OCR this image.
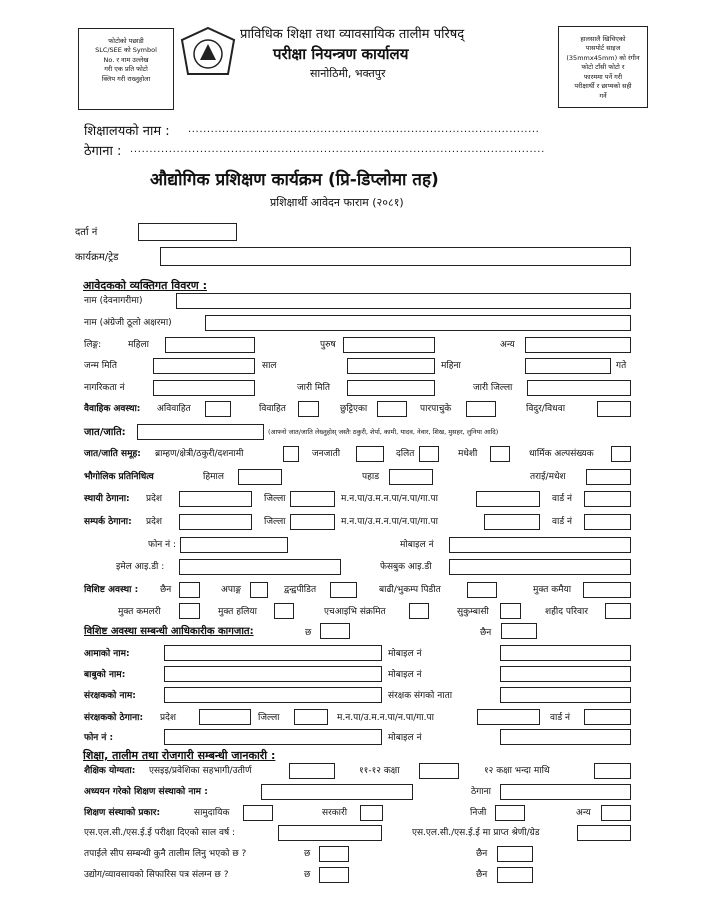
फोटोको पछाडी
SLC/SEE को Symbol
No. र नाम उल्लेख
गरी एक प्रति फोटो
क्लिप गरी राख्नुहोला
हालसालै खिचिएको
पासपोर्ट साइज
(35mmx45mm) को रंगीन
फोटो टाँसी फोटो र
फारममा पर्ने गरी
परीक्षार्थी र छाप्यको सही
गर्ने
प्राविधिक शिक्षा तथा व्यावसायिक तालीम परिषद्
परीक्षा नियन्त्रण कार्यालय
सानोठिमी, भक्तपुर
शिक्षालयको नाम : .............................................................................................
ठेगाना : ...........................................................................................................
औद्योगिक प्रशिक्षण कार्यक्रम (प्रि-डिप्लोमा तह)
प्रशिक्षार्थी आवेदन फाराम (२०८१)
दर्ता नं
कार्यक्रम/ट्रेड
आवेदकको व्यक्तिगत विवरण :
नाम (देवनागरीमा)
नाम (अंग्रेजी ठूलो अक्षरमा)
लिङ्ग:	महिला	पुरुष	अन्य
जन्म मिति	साल	महिना	गते
नागरिकता नं	जारी मिति	जारी जिल्ला
वैवाहिक अवस्था: अविवाहित	विवाहित	छुट्टिएका	पारपाचुके	विदुर/विधवा
जात/जाति:	(आफ्नो जात/जाति लेख्नुहोस् जस्तैः ठकुरी, शेर्पा, कामी, यादव, नेवार, शिख, मुसहर, लुनिया आदि)
जात/जाति समूह: ब्राम्हण/क्षेत्री/ठकुरी/दशनामी	जनजाती	दलित	मधेशी	धार्मिक अल्पसंख्यक
भौगोलिक प्रतिनिधित्व	हिमाल	पहाड	तराई/मधेश
स्थायी ठेगाना: प्रदेश	जिल्ला	म.न.पा/उ.म.न.पा/न.पा/गा.पा	वार्ड नं
सम्पर्क ठेगाना: प्रदेश	जिल्ला	म.न.पा/उ.म.न.पा/न.पा/गा.पा	वार्ड नं
फोन नं :	मोबाइल नं
इमेल आइ.डी :	फेसबुक आइ.डी
विशिष्ट अवस्था : छैन	अपाङ्ग	द्वन्द्वपीडित	बाढी/भुकम्प पिडीत	मुक्त कमैया
मुक्त कमलरी	मुक्त हलिया	एचआइभि संक्रमित	सुकुम्बासी	शहीद परिवार
विशिष्ट अवस्था सम्बन्धी आधिकारीक कागजात:	छ	छैन
आमाको नाम:	मोबाइल नं
बाबुको नाम:	मोबाइल नं
संरक्षकको नाम:	संरक्षक संगको नाता
संरक्षकको ठेगाना: प्रदेश	जिल्ला	म.न.पा/उ.म.न.पा/न.पा/गा.पा	वार्ड नं
फोन नं :	मोबाइल नं
शिक्षा, तालीम तथा रोजगारी सम्बन्धी जानकारी :
शैक्षिक योग्यता: एसइइ/प्रवेशिका सहभागी/उतीर्ण	११-१२ कक्षा	१२ कक्षा भन्दा माथि
अध्ययन गरेको शिक्षण संस्थाको नाम :	ठेगाना
शिक्षण संस्थाको प्रकार:	सामुदायिक	सरकारी	निजी	अन्य
एस.एल.सी./एस.ई.ई परीक्षा दिएको साल वर्ष :	एस.एल.सी./एस.ई.ई मा प्राप्त श्रेणी/ग्रेड
तपाईले सीप सम्बन्धी कुनै तालीम लिनु भएको छ ?	छ	छैन
उद्योग/व्यावसायको सिफारिस पत्र संलग्न छ ?	छ	छैन
